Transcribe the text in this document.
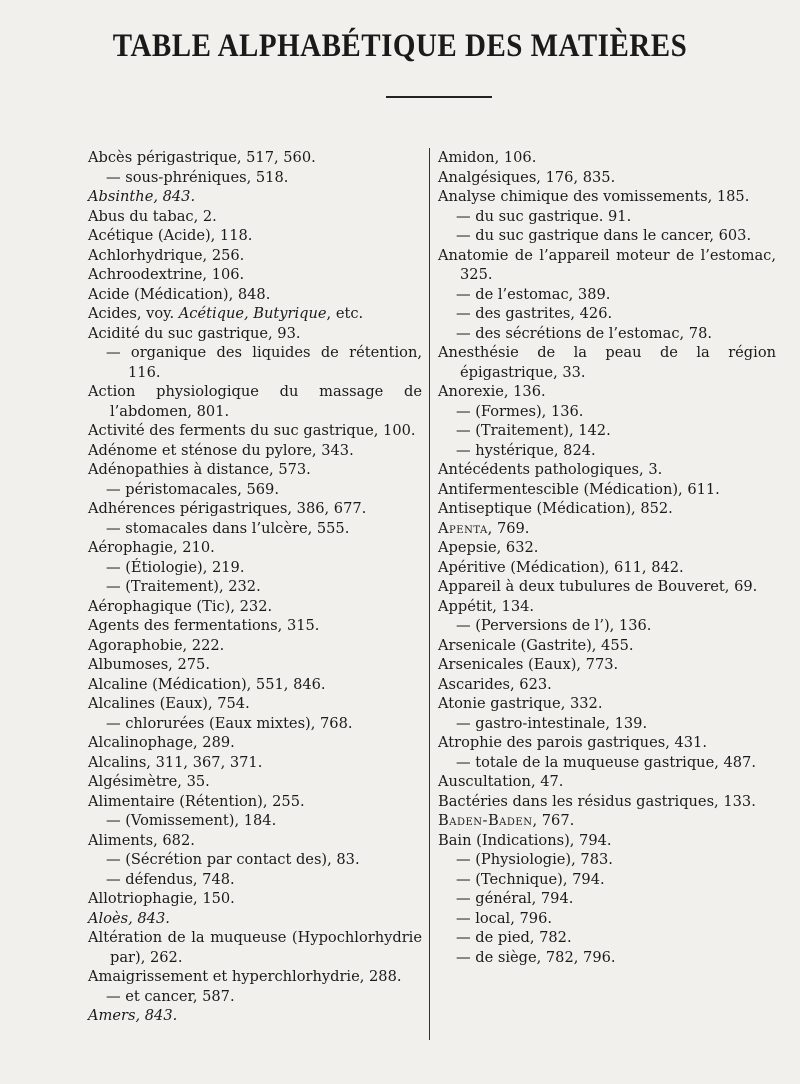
TABLE ALPHABÉTIQUE DES MATIÈRES
Abcès périgastrique, 517, 560.
— sous-phréniques, 518.
Absinthe, 843.
Abus du tabac, 2.
Acétique (Acide), 118.
Achlorhydrique, 256.
Achroodextrine, 106.
Acide (Médication), 848.
Acides, voy. Acétique, Butyrique, etc.
Acidité du suc gastrique, 93.
— organique des liquides de rétention, 116.
Action physiologique du massage de l’abdomen, 801.
Activité des ferments du suc gastrique, 100.
Adénome et sténose du pylore, 343.
Adénopathies à distance, 573.
— péristomacales, 569.
Adhérences périgastriques, 386, 677.
— stomacales dans l’ulcère, 555.
Aérophagie, 210.
— (Étiologie), 219.
— (Traitement), 232.
Aérophagique (Tic), 232.
Agents des fermentations, 315.
Agoraphobie, 222.
Albumoses, 275.
Alcaline (Médication), 551, 846.
Alcalines (Eaux), 754.
— chlorurées (Eaux mixtes), 768.
Alcalinophage, 289.
Alcalins, 311, 367, 371.
Algésimètre, 35.
Alimentaire (Rétention), 255.
— (Vomissement), 184.
Aliments, 682.
— (Sécrétion par contact des), 83.
— défendus, 748.
Allotriophagie, 150.
Aloès, 843.
Altération de la muqueuse (Hypochlorhydrie par), 262.
Amaigrissement et hyperchlorhydrie, 288.
— et cancer, 587.
Amers, 843.
Amidon, 106.
Analgésiques, 176, 835.
Analyse chimique des vomissements, 185.
— du suc gastrique. 91.
— du suc gastrique dans le cancer, 603.
Anatomie de l’appareil moteur de l’estomac, 325.
— de l’estomac, 389.
— des gastrites, 426.
— des sécrétions de l’estomac, 78.
Anesthésie de la peau de la région épigastrique, 33.
Anorexie, 136.
— (Formes), 136.
— (Traitement), 142.
— hystérique, 824.
Antécédents pathologiques, 3.
Antifermentescible (Médication), 611.
Antiseptique (Médication), 852.
Apenta, 769.
Apepsie, 632.
Apéritive (Médication), 611, 842.
Appareil à deux tubulures de Bouveret, 69.
Appétit, 134.
— (Perversions de l’), 136.
Arsenicale (Gastrite), 455.
Arsenicales (Eaux), 773.
Ascarides, 623.
Atonie gastrique, 332.
— gastro-intestinale, 139.
Atrophie des parois gastriques, 431.
— totale de la muqueuse gastrique, 487.
Auscultation, 47.
Bactéries dans les résidus gastriques, 133.
Baden-Baden, 767.
Bain (Indications), 794.
— (Physiologie), 783.
— (Technique), 794.
— général, 794.
— local, 796.
— de pied, 782.
— de siège, 782, 796.
